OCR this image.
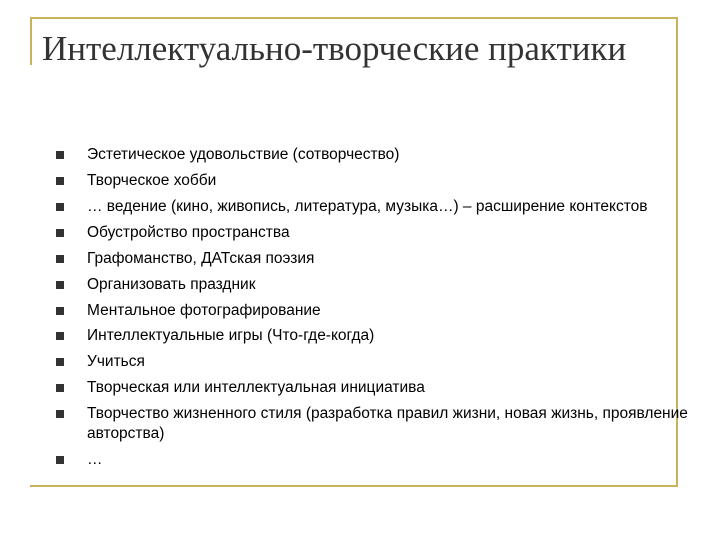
Интеллектуально-творческие практики
Эстетическое удовольствие (сотворчество)
Творческое хобби
… ведение (кино, живопись, литература, музыка…) – расширение контекстов
Обустройство пространства
Графоманство, ДАТская поэзия
Организовать праздник
Ментальное фотографирование
Интеллектуальные игры (Что-где-когда)
Учиться
Творческая или интеллектуальная инициатива
Творчество жизненного стиля (разработка правил жизни, новая жизнь, проявление авторства)
…
